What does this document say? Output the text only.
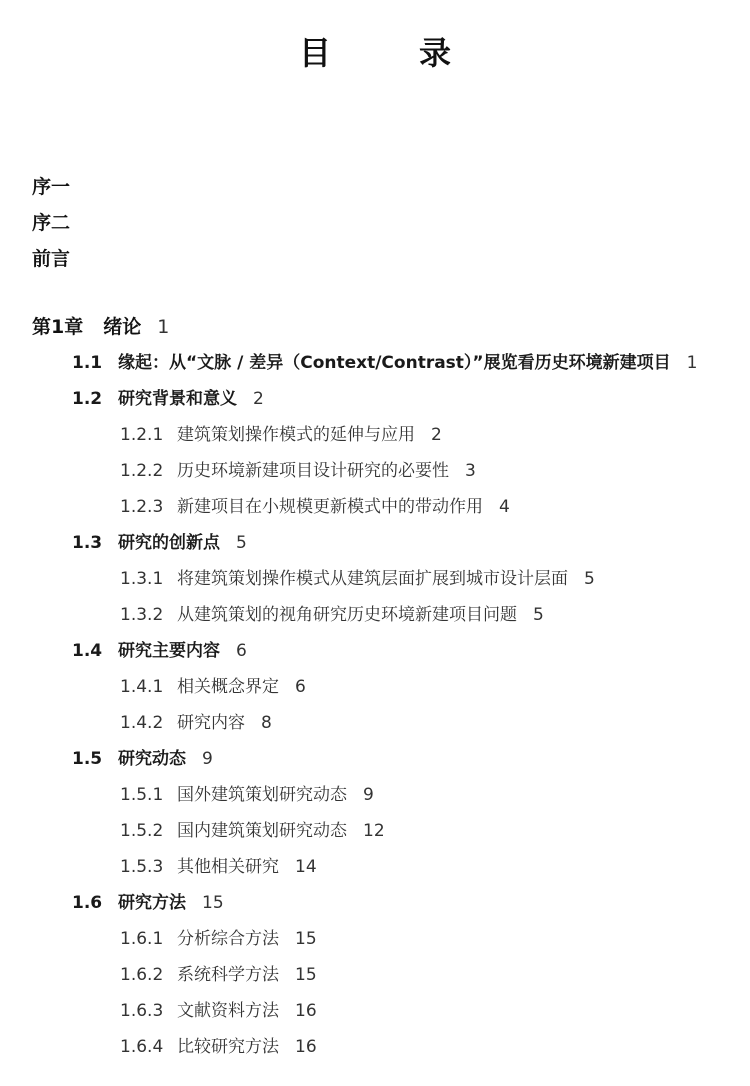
目　录
序一
序二
前言
第1章 绪论 1
1.1 缘起：从“文脉 / 差异（Context/Contrast）”展览看历史环境新建项目 1
1.2 研究背景和意义 2
1.2.1 建筑策划操作模式的延伸与应用 2
1.2.2 历史环境新建项目设计研究的必要性 3
1.2.3 新建项目在小规模更新模式中的带动作用 4
1.3 研究的创新点 5
1.3.1 将建筑策划操作模式从建筑层面扩展到城市设计层面 5
1.3.2 从建筑策划的视角研究历史环境新建项目问题 5
1.4 研究主要内容 6
1.4.1 相关概念界定 6
1.4.2 研究内容 8
1.5 研究动态 9
1.5.1 国外建筑策划研究动态 9
1.5.2 国内建筑策划研究动态 12
1.5.3 其他相关研究 14
1.6 研究方法 15
1.6.1 分析综合方法 15
1.6.2 系统科学方法 15
1.6.3 文献资料方法 16
1.6.4 比较研究方法 16
